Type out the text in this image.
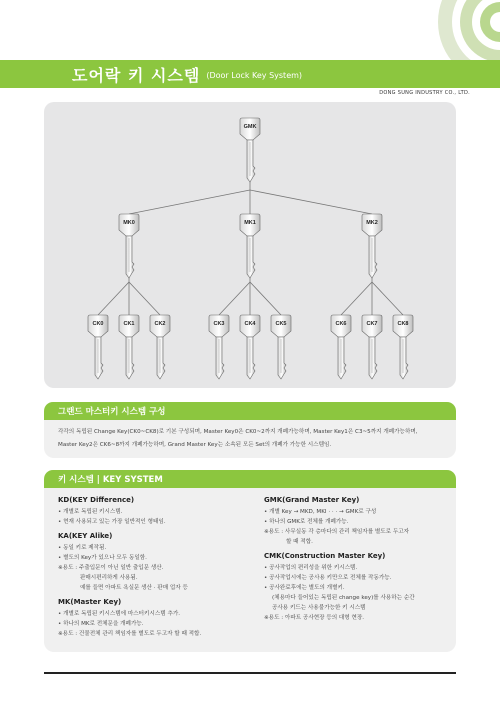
도어락 키 시스템 (Door Lock Key System)
DONG SUNG INDUSTRY CO., LTD.
GMK
MK0	MK1	MK2
CK0	CK1	CK2	CK3	CK4	CK5	CK6	CK7	CK8
그랜드 마스터키 시스템 구성
각각의 독립된 Change Key(CK0~CK8)로 기본 구성되며, Master Key0은 CK0~2까지 개폐가능하며, Master Key1은 C3~5까지 개폐가능하며,
Master Key2은 CK6~8까지 개폐가능하며, Grand Master Key는 소속된 모든 Set의 개폐가 가능한 시스템임.
키 시스템 | KEY SYSTEM
KD(KEY Difference)
• 개별로 독립된 키시스템.
• 현재 사용되고 있는 가장 일반적인 형태임.
KA(KEY Alike)
• 동일 키로 제작됨.
• 별도의 Key가 있으나 모두 동일함.
※용도 : 주출입문이 아닌 일반 출입문 생산.
판매시편리하게 사용됨.
예를 들면 아파트 욕실문 생산 · 판매 업자 등
MK(Master Key)
• 개별로 독립된 키시스템에 마스터키시스템 추가.
• 하나의 MK로 전체문을 개폐가능.
※용도 : 건물전체 관리 책임자를 별도로 두고자 할 때 적합.
GMK(Grand Master Key)
• 개별 Key → MKD, MKI · · · → GMK로 구성
• 하나의 GMK로 전체를 개폐가능.
※용도 : 사무실동 각 층마다의 관리 책임자를 별도로 두고자
할 때 적합.
CMK(Construction Master Key)
• 공사작업의 편리성을 위한 키시스템.
• 공사작업시에는 공사용 키만으로 전체를 작동가능.
• 공사완료후에는 별도의 개별키.
(체용마다 들어있는 독립된 change key)를 사용하는 순간
공사용 키드는 사용불가능한 키 시스템
※용도 : 아파트 공사현장 등의 대형 현장.
